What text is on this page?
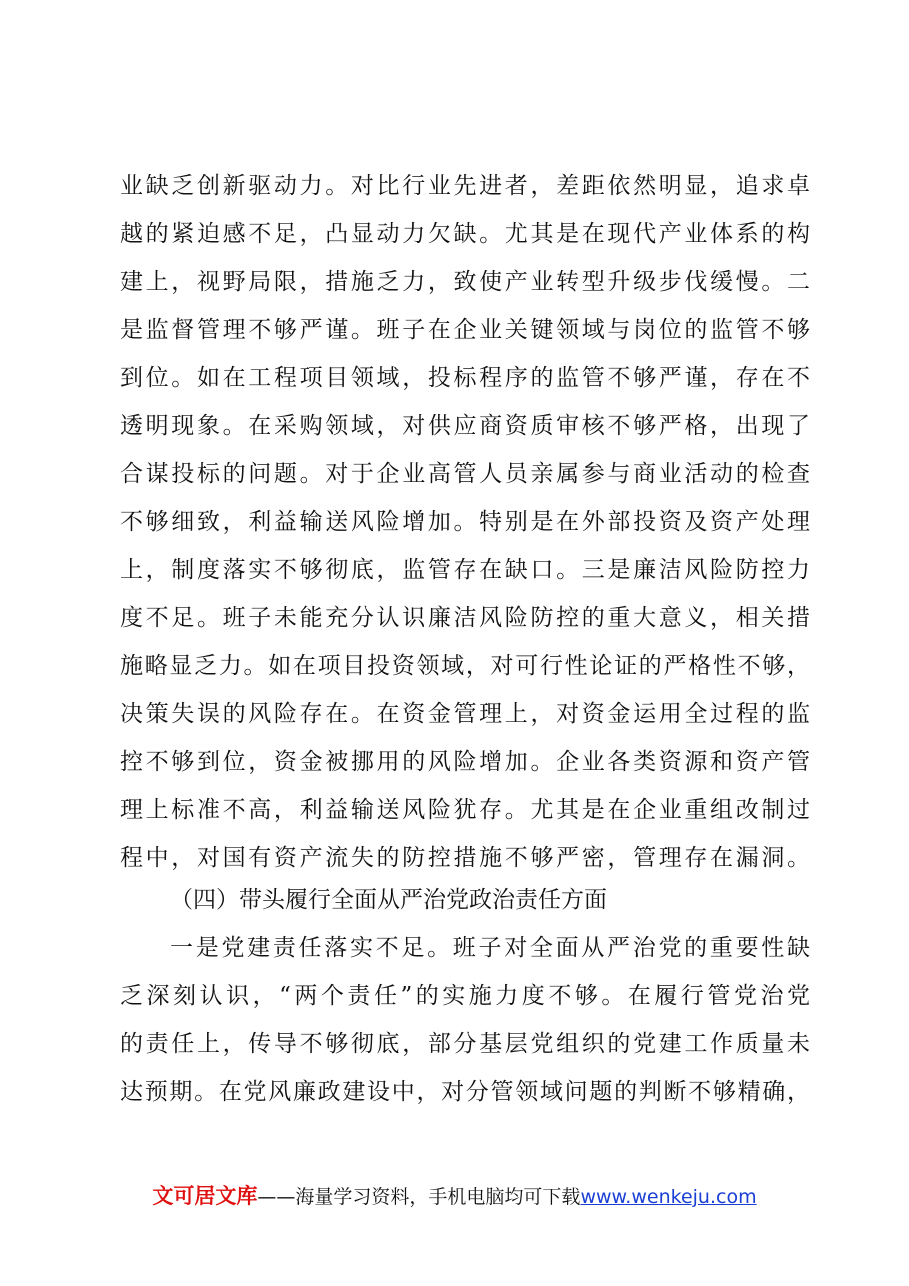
业缺乏创新驱动力。对比行业先进者，差距依然明显，追求卓
越的紧迫感不足，凸显动力欠缺。尤其是在现代产业体系的构
建上，视野局限，措施乏力，致使产业转型升级步伐缓慢。二
是监督管理不够严谨。班子在企业关键领域与岗位的监管不够
到位。如在工程项目领域，投标程序的监管不够严谨，存在不
透明现象。在采购领域，对供应商资质审核不够严格，出现了
合谋投标的问题。对于企业高管人员亲属参与商业活动的检查
不够细致，利益输送风险增加。特别是在外部投资及资产处理
上，制度落实不够彻底，监管存在缺口。三是廉洁风险防控力
度不足。班子未能充分认识廉洁风险防控的重大意义，相关措
施略显乏力。如在项目投资领域，对可行性论证的严格性不够，
决策失误的风险存在。在资金管理上，对资金运用全过程的监
控不够到位，资金被挪用的风险增加。企业各类资源和资产管
理上标准不高，利益输送风险犹存。尤其是在企业重组改制过
程中，对国有资产流失的防控措施不够严密，管理存在漏洞。
（四）带头履行全面从严治党政治责任方面
一是党建责任落实不足。班子对全面从严治党的重要性缺
乏深刻认识，“两个责任”的实施力度不够。在履行管党治党
的责任上，传导不够彻底，部分基层党组织的党建工作质量未
达预期。在党风廉政建设中，对分管领域问题的判断不够精确，
文可居文库——海量学习资料，手机电脑均可下载www.wenkeju.com
